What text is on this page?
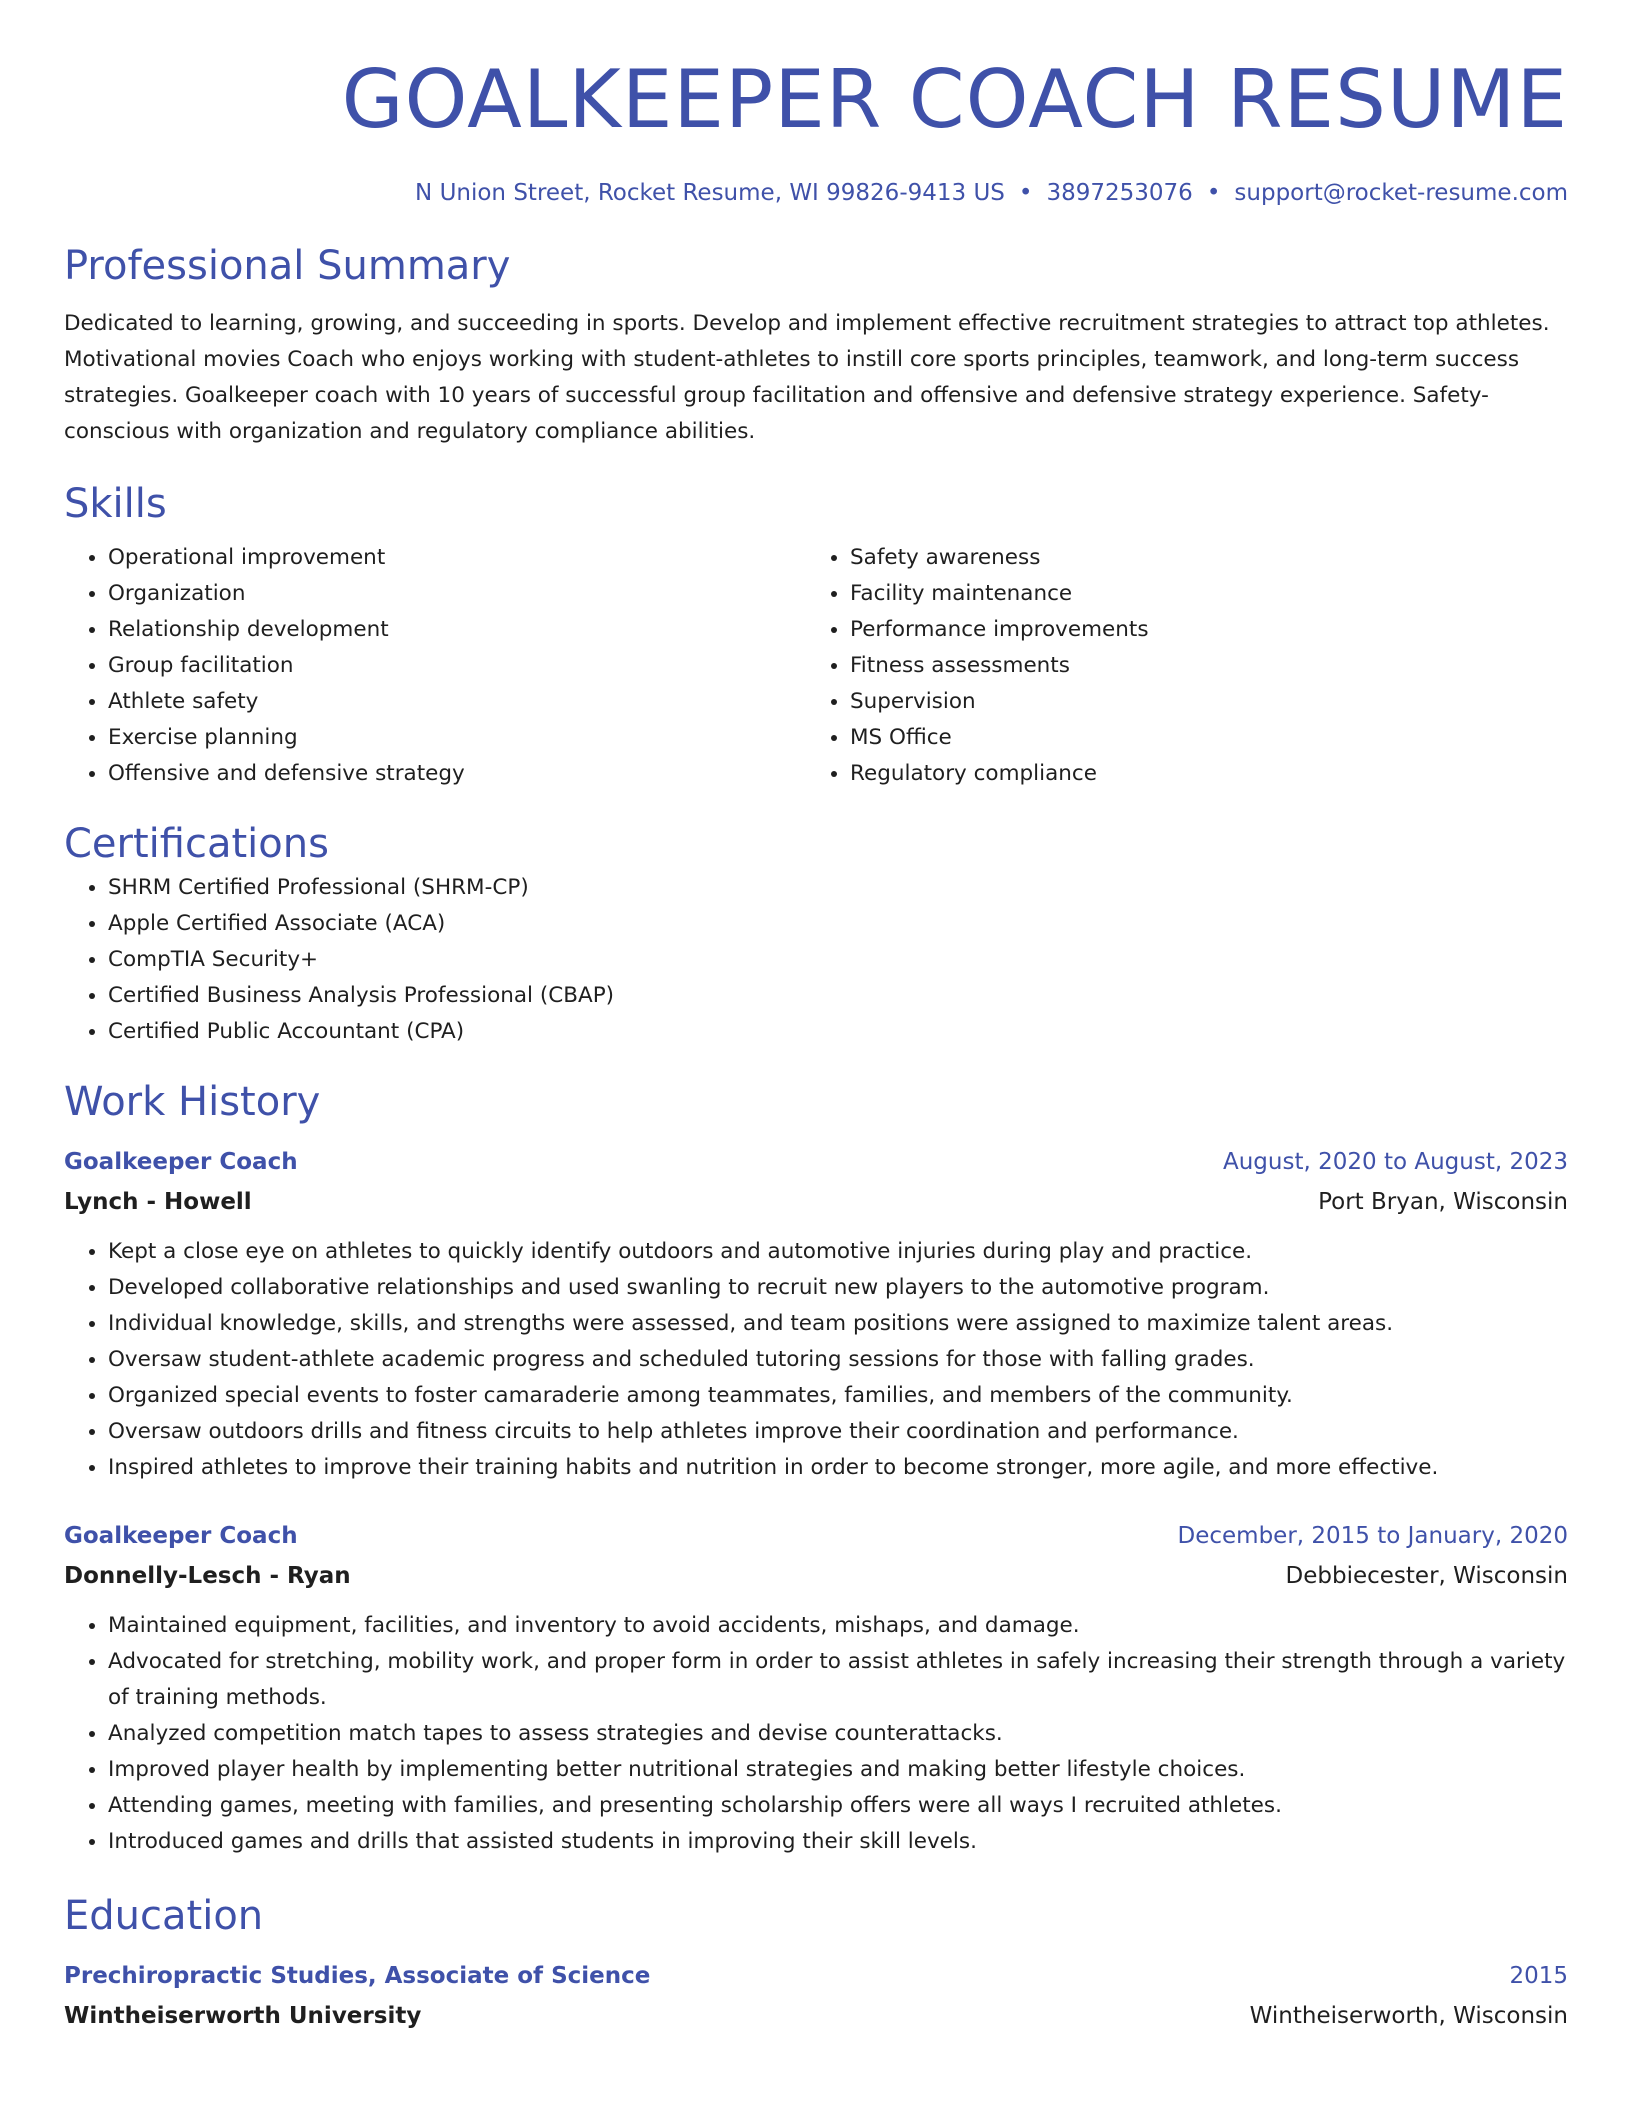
GOALKEEPER COACH RESUME
N Union Street, Rocket Resume, WI 99826-9413 US • 3897253076 • support@rocket-resume.com
Professional Summary
Dedicated to learning, growing, and succeeding in sports. Develop and implement effective recruitment strategies to attract top athletes. Motivational movies Coach who enjoys working with student-athletes to instill core sports principles, teamwork, and long-term success strategies. Goalkeeper coach with 10 years of successful group facilitation and offensive and defensive strategy experience. Safety-conscious with organization and regulatory compliance abilities.
Skills
• Operational improvement
• Organization
• Relationship development
• Group facilitation
• Athlete safety
• Exercise planning
• Offensive and defensive strategy
• Safety awareness
• Facility maintenance
• Performance improvements
• Fitness assessments
• Supervision
• MS Office
• Regulatory compliance
Certifications
• SHRM Certified Professional (SHRM-CP)
• Apple Certified Associate (ACA)
• CompTIA Security+
• Certified Business Analysis Professional (CBAP)
• Certified Public Accountant (CPA)
Work History
Goalkeeper Coach	August, 2020 to August, 2023
Lynch - Howell	Port Bryan, Wisconsin
• Kept a close eye on athletes to quickly identify outdoors and automotive injuries during play and practice.
• Developed collaborative relationships and used swanling to recruit new players to the automotive program.
• Individual knowledge, skills, and strengths were assessed, and team positions were assigned to maximize talent areas.
• Oversaw student-athlete academic progress and scheduled tutoring sessions for those with falling grades.
• Organized special events to foster camaraderie among teammates, families, and members of the community.
• Oversaw outdoors drills and fitness circuits to help athletes improve their coordination and performance.
• Inspired athletes to improve their training habits and nutrition in order to become stronger, more agile, and more effective.
Goalkeeper Coach	December, 2015 to January, 2020
Donnelly-Lesch - Ryan	Debbiecester, Wisconsin
• Maintained equipment, facilities, and inventory to avoid accidents, mishaps, and damage.
• Advocated for stretching, mobility work, and proper form in order to assist athletes in safely increasing their strength through a variety of training methods.
• Analyzed competition match tapes to assess strategies and devise counterattacks.
• Improved player health by implementing better nutritional strategies and making better lifestyle choices.
• Attending games, meeting with families, and presenting scholarship offers were all ways I recruited athletes.
• Introduced games and drills that assisted students in improving their skill levels.
Education
Prechiropractic Studies, Associate of Science	2015
Wintheiserworth University	Wintheiserworth, Wisconsin
